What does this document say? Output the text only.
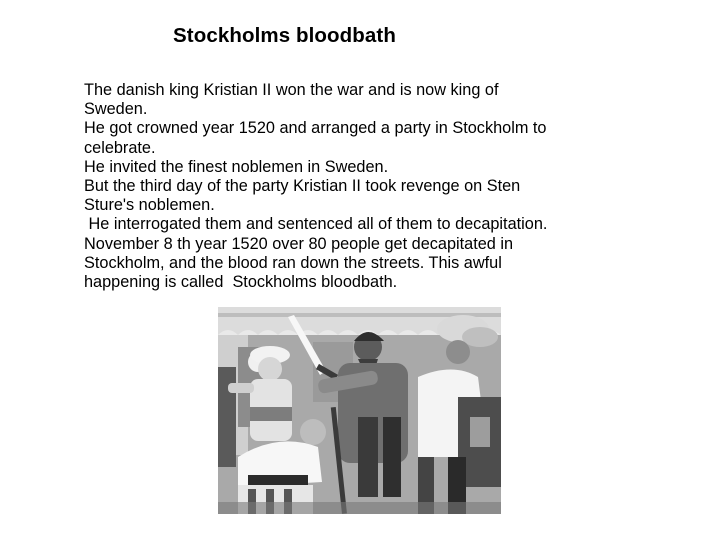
Stockholms bloodbath
The danish king Kristian II won the war and is now king of
Sweden.
He got crowned year 1520 and arranged a party in Stockholm to
celebrate.
He invited the finest noblemen in Sweden.
But the third day of the party Kristian II took revenge on Sten
Sture's noblemen.
He interrogated them and sentenced all of them to decapitation.
November 8 th year 1520 over 80 people get decapitated in
Stockholm, and the blood ran down the streets. This awful
happening is called  Stockholms bloodbath.
